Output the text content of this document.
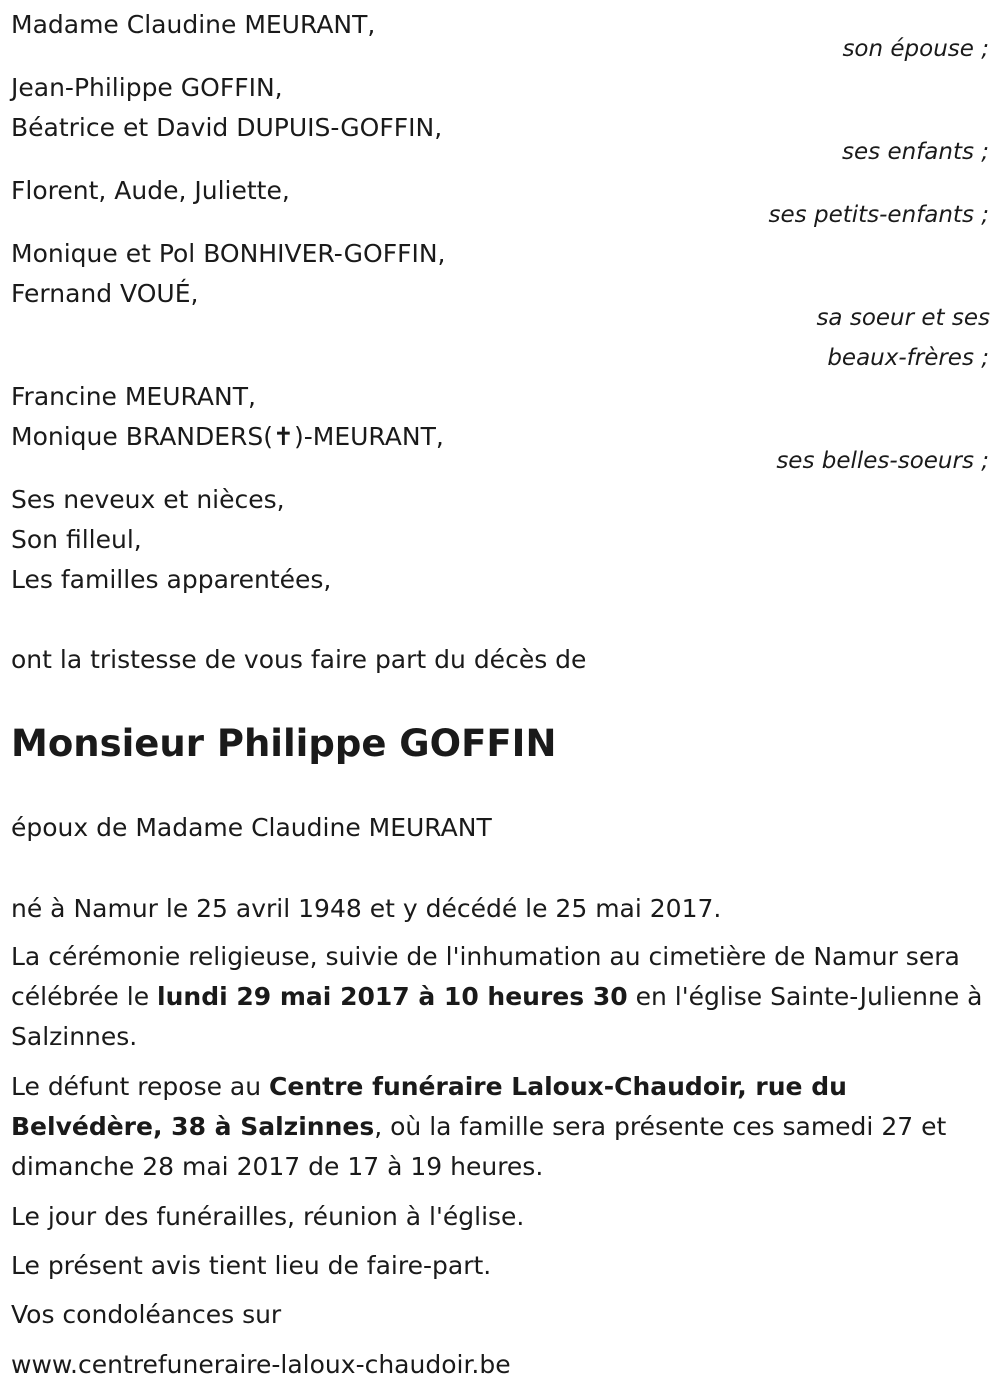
Madame Claudine MEURANT,
son épouse ;
Jean-Philippe GOFFIN,
Béatrice et David DUPUIS-GOFFIN,
ses enfants ;
Florent, Aude, Juliette,
ses petits-enfants ;
Monique et Pol BONHIVER-GOFFIN,
Fernand VOUÉ,
sa soeur et ses
beaux-frères ;
Francine MEURANT,
Monique BRANDERS(✝)-MEURANT,
ses belles-soeurs ;
Ses neveux et nièces,
Son filleul,
Les familles apparentées,
ont la tristesse de vous faire part du décès de
Monsieur Philippe GOFFIN
époux de Madame Claudine MEURANT
né à Namur le 25 avril 1948 et y décédé le 25 mai 2017.
La cérémonie religieuse, suivie de l'inhumation au cimetière de Namur sera célébrée le lundi 29 mai 2017 à 10 heures 30 en l'église Sainte-Julienne à Salzinnes.
Le défunt repose au Centre funéraire Laloux-Chaudoir, rue du Belvédère, 38 à Salzinnes, où la famille sera présente ces samedi 27 et dimanche 28 mai 2017 de 17 à 19 heures.
Le jour des funérailles, réunion à l'église.
Le présent avis tient lieu de faire-part.
Vos condoléances sur
www.centrefuneraire-laloux-chaudoir.be
